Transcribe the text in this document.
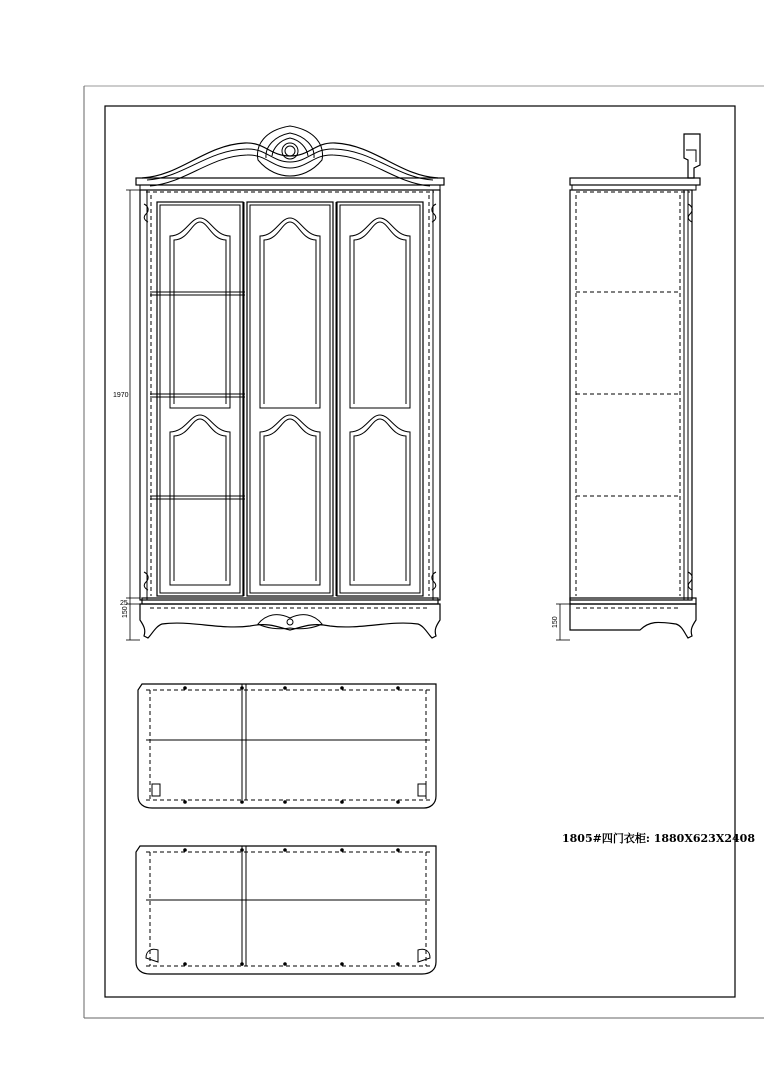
1970
25
150
150
1805#四门衣柜: 1880X623X2408
